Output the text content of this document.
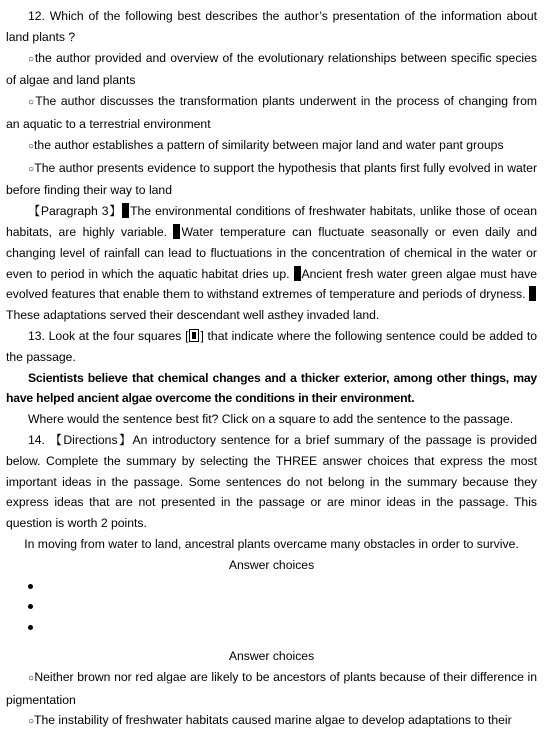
12. Which of the following best describes the author’s presentation of the information about land plants ?

○the author provided and overview of the evolutionary relationships between specific species of algae and land plants

○The author discusses the transformation plants underwent in the process of changing from an aquatic to a terrestrial environment

○the author establishes a pattern of similarity between major land and water pant groups

○The author presents evidence to support the hypothesis that plants first fully evolved in water before finding their way to land

【Paragraph 3】 The environmental conditions of freshwater habitats, unlike those of ocean habitats, are highly variable. Water temperature can fluctuate seasonally or even daily and changing level of rainfall can lead to fluctuations in the concentration of chemical in the water or even to period in which the aquatic habitat dries up. Ancient fresh water green algae must have evolved features that enable them to withstand extremes of temperature and periods of dryness. These adaptations served their descendant well asthey invaded land.

13. Look at the four squares [ ] that indicate where the following sentence could be added to the passage.

Scientists believe that chemical changes and a thicker exterior, among other things, may have helped ancient algae overcome the conditions in their environment.

Where would the sentence best fit? Click on a square to add the sentence to the passage.

14. 【Directions】An introductory sentence for a brief summary of the passage is provided below. Complete the summary by selecting the THREE answer choices that express the most important ideas in the passage. Some sentences do not belong in the summary because they express ideas that are not presented in the passage or are minor ideas in the passage. This question is worth 2 points.

In moving from water to land, ancestral plants overcame many obstacles in order to survive.

Answer choices

Answer choices

○Neither brown nor red algae are likely to be ancestors of plants because of their difference in pigmentation

○The instability of freshwater habitats caused marine algae to develop adaptations to their
